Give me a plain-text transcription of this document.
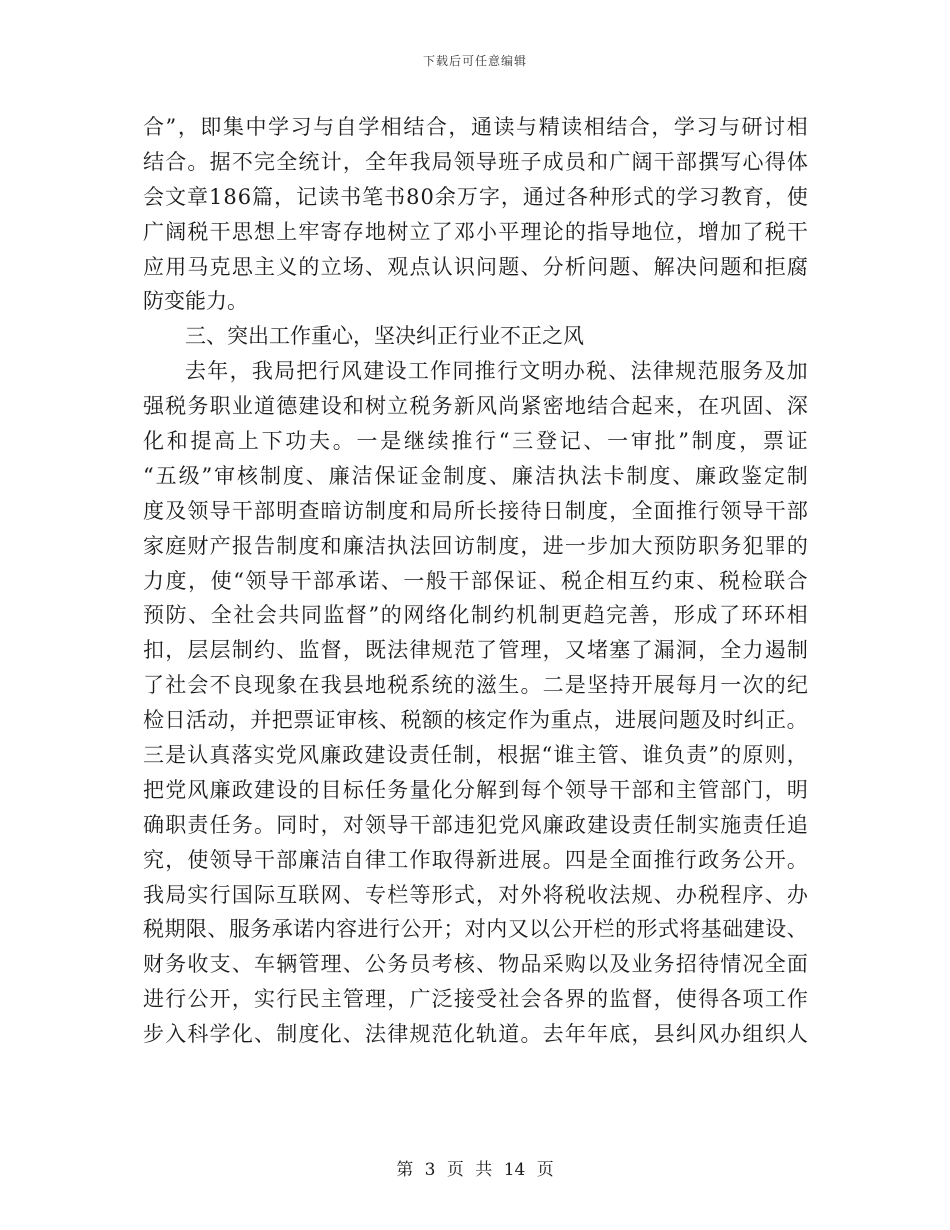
下载后可任意编辑
合 ” ， 即 集 中 学 习 与 自 学 相 结 合 ， 通 读 与 精 读 相 结 合 ， 学 习 与 研 讨 相
结 合 。 据 不 完 全 统 计 ， 全 年 我 局 领 导 班 子 成 员 和 广 阔 干 部 撰 写 心 得 体
会 文 章 1 8 6 篇 ， 记 读 书 笔 书 8 0 余 万 字 ， 通 过 各 种 形 式 的 学 习 教 育 ， 使
广 阔 税 干 思 想 上 牢 寄 存 地 树 立 了 邓 小 平 理 论 的 指 导 地 位 ， 增 加 了 税 干
应 用 马 克 思 主 义 的 立 场 、 观 点 认 识 问 题 、 分 析 问 题 、 解 决 问 题 和 拒 腐
防变能力。
三、突出工作重心，坚决纠正行业不正之风
去 年 ， 我 局 把 行 风 建 设 工 作 同 推 行 文 明 办 税 、 法 律 规 范 服 务 及 加
强 税 务 职 业 道 德 建 设 和 树 立 税 务 新 风 尚 紧 密 地 结 合 起 来 ， 在 巩 固 、 深
化 和 提 高 上 下 功 夫 。 一 是 继 续 推 行 “ 三 登 记 、 一 审 批 ” 制 度 ， 票 证
“ 五 级 ” 审 核 制 度 、 廉 洁 保 证 金 制 度 、 廉 洁 执 法 卡 制 度 、 廉 政 鉴 定 制
度 及 领 导 干 部 明 查 暗 访 制 度 和 局 所 长 接 待 日 制 度 ， 全 面 推 行 领 导 干 部
家 庭 财 产 报 告 制 度 和 廉 洁 执 法 回 访 制 度 ， 进 一 步 加 大 预 防 职 务 犯 罪 的
力 度 ， 使 “ 领 导 干 部 承 诺 、 一 般 干 部 保 证 、 税 企 相 互 约 束 、 税 检 联 合
预 防 、 全 社 会 共 同 监 督 ” 的 网 络 化 制 约 机 制 更 趋 完 善 ， 形 成 了 环 环 相
扣 ， 层 层 制 约 、 监 督 ， 既 法 律 规 范 了 管 理 ， 又 堵 塞 了 漏 洞 ， 全 力 遏 制
了 社 会 不 良 现 象 在 我 县 地 税 系 统 的 滋 生 。 二 是 坚 持 开 展 每 月 一 次 的 纪
检 日 活 动 ， 并 把 票 证 审 核 、 税 额 的 核 定 作 为 重 点 ， 进 展 问 题 及 时 纠 正 。
三 是 认 真 落 实 党 风 廉 政 建 设 责 任 制 ， 根 据 “ 谁 主 管 、 谁 负 责 ” 的 原 则 ，
把 党 风 廉 政 建 设 的 目 标 任 务 量 化 分 解 到 每 个 领 导 干 部 和 主 管 部 门 ， 明
确 职 责 任 务 。 同 时 ， 对 领 导 干 部 违 犯 党 风 廉 政 建 设 责 任 制 实 施 责 任 追
究 ， 使 领 导 干 部 廉 洁 自 律 工 作 取 得 新 进 展 。 四 是 全 面 推 行 政 务 公 开 。
我 局 实 行 国 际 互 联 网 、 专 栏 等 形 式 ， 对 外 将 税 收 法 规 、 办 税 程 序 、 办
税 期 限 、 服 务 承 诺 内 容 进 行 公 开 ； 对 内 又 以 公 开 栏 的 形 式 将 基 础 建 设 、
财 务 收 支 、 车 辆 管 理 、 公 务 员 考 核 、 物 品 采 购 以 及 业 务 招 待 情 况 全 面
进 行 公 开 ， 实 行 民 主 管 理 ， 广 泛 接 受 社 会 各 界 的 监 督 ， 使 得 各 项 工 作
步 入 科 学 化 、 制 度 化 、 法 律 规 范 化 轨 道 。 去 年 年 底 ， 县 纠 风 办 组 织 人
第 3 页 共 14 页
